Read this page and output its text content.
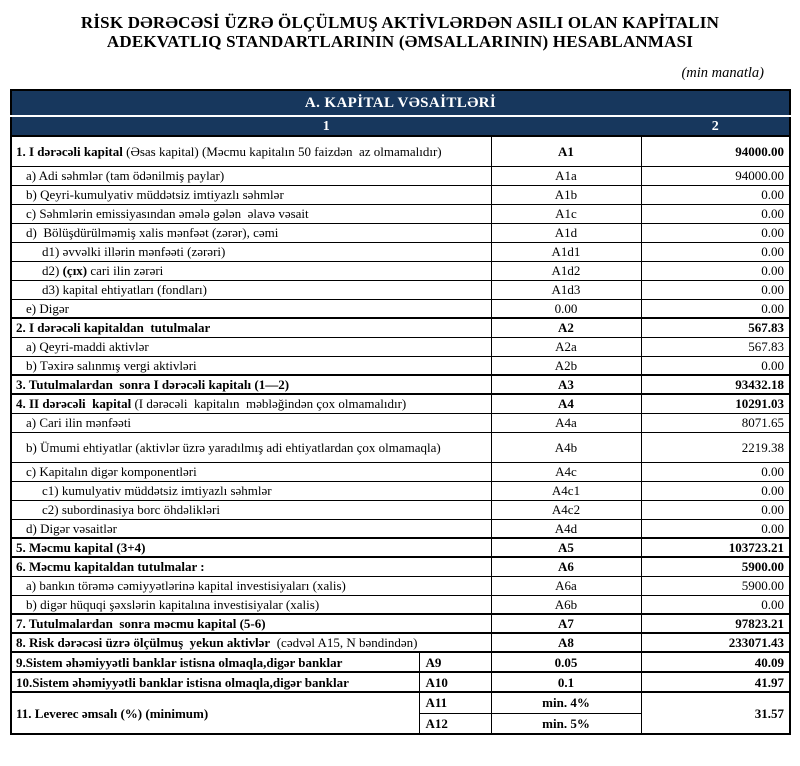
RİSK DƏRƏCƏSİ ÜZRƏ ÖLÇÜLMUŞ AKTİVLƏRDƏN ASILI OLAN KAPİTALIN
ADEKVATLIQ STANDARTLARININ (ƏMSALLARININ) HESABLANMASI
(min manatla)
A. KAPİTAL VƏSAİTLƏRİ			
1			2
1. I dərəcəli kapital (Əsas kapital) (Məcmu kapitalın 50 faizdən  az olmamalıdır)		A1	94000.00
a) Adi səhmlər (tam ödənilmiş paylar)		A1a	94000.00
b) Qeyri-kumulyativ müddətsiz imtiyazlı səhmlər		A1b	0.00
c) Səhmlərin emissiyasından əmələ gələn  əlavə vəsait		A1c	0.00
d)  Bölüşdürülməmiş xalis mənfəət (zərər), cəmi		A1d	0.00
d1) əvvəlki illərin mənfəəti (zərəri)		A1d1	0.00
d2) (çıx) cari ilin zərəri		A1d2	0.00
d3) kapital ehtiyatları (fondları)		A1d3	0.00
e) Digər		0.00	0.00
2. I dərəcəli kapitaldan  tutulmalar		A2	567.83
a) Qeyri-maddi aktivlər		A2a	567.83
b) Təxirə salınmış vergi aktivləri		A2b	0.00
3. Tutulmalardan  sonra I dərəcəli kapitalı (1—2)		A3	93432.18
4. II dərəcəli  kapital (I dərəcəli  kapitalın  məbləğindən çox olmamalıdır)		A4	10291.03
a) Cari ilin mənfəəti		A4a	8071.65
b) Ümumi ehtiyatlar (aktivlər üzrə yaradılmış adi ehtiyatlardan çox olmamaqla)		A4b	2219.38
c) Kapitalın digər komponentləri		A4c	0.00
c1) kumulyativ müddətsiz imtiyazlı səhmlər		A4c1	0.00
c2) subordinasiya borc öhdəlikləri		A4c2	0.00
d) Digər vəsaitlər		A4d	0.00
5. Məcmu kapital (3+4)		A5	103723.21
6. Məcmu kapitaldan tutulmalar :		A6	5900.00
a) bankın törəmə cəmiyyətlərinə kapital investisiyaları (xalis)		A6a	5900.00
b) digər hüquqi şəxslərin kapitalına investisiyalar (xalis)		A6b	0.00
7. Tutulmalardan  sonra məcmu kapital (5-6)		A7	97823.21
8. Risk dərəcəsi üzrə ölçülmuş  yekun aktivlər  (cədvəl A15, N bəndindən)		A8	233071.43
9.Sistem əhəmiyyətli banklar istisna olmaqla,digər banklar	A9	0.05	40.09
10.Sistem əhəmiyyətli banklar istisna olmaqla,digər banklar	A10	0.1	41.97
11. Leverec əmsalı (%) (minimum)	A11	min. 4%	31.57
	A12	min. 5%	
